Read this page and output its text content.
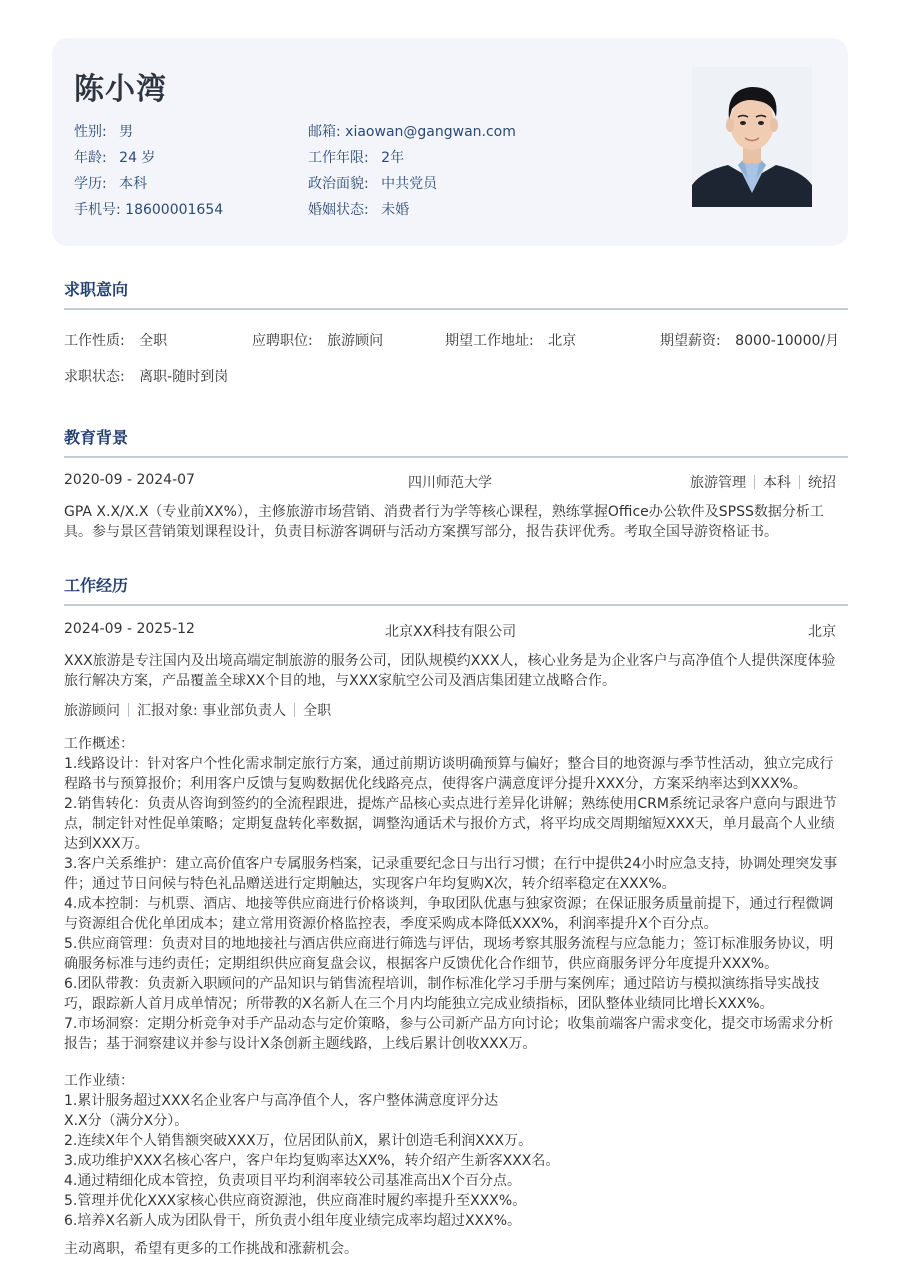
陈小湾
性别: 男
年龄: 24 岁
学历: 本科
手机号: 18600001654
邮箱: xiaowan@gangwan.com
工作年限: 2年
政治面貌: 中共党员
婚姻状态: 未婚
求职意向
工作性质: 全职	应聘职位: 旅游顾问	期望工作地址: 北京	期望薪资: 8000-10000/月
求职状态: 离职-随时到岗
教育背景
2020-09 - 2024-07	四川师范大学	旅游管理 本科 统招
GPA X.X/X.X（专业前XX%），主修旅游市场营销、消费者行为学等核心课程，熟练掌握Office办公软件及SPSS数据分析工具。参与景区营销策划课程设计，负责目标游客调研与活动方案撰写部分，报告获评优秀。考取全国导游资格证书。
工作经历
2024-09 - 2025-12	北京XX科技有限公司	北京
XXX旅游是专注国内及出境高端定制旅游的服务公司，团队规模约XXX人，核心业务是为企业客户与高净值个人提供深度体验旅行解决方案，产品覆盖全球XX个目的地，与XXX家航空公司及酒店集团建立战略合作。
旅游顾问 汇报对象: 事业部负责人 全职
工作概述：
1.线路设计：针对客户个性化需求制定旅行方案，通过前期访谈明确预算与偏好；整合目的地资源与季节性活动，独立完成行程路书与预算报价；利用客户反馈与复购数据优化线路亮点，使得客户满意度评分提升XXX分，方案采纳率达到XXX%。
2.销售转化：负责从咨询到签约的全流程跟进，提炼产品核心卖点进行差异化讲解；熟练使用CRM系统记录客户意向与跟进节点，制定针对性促单策略；定期复盘转化率数据，调整沟通话术与报价方式，将平均成交周期缩短XXX天，单月最高个人业绩达到XXX万。
3.客户关系维护：建立高价值客户专属服务档案，记录重要纪念日与出行习惯；在行中提供24小时应急支持，协调处理突发事件；通过节日问候与特色礼品赠送进行定期触达，实现客户年均复购X次，转介绍率稳定在XXX%。
4.成本控制：与机票、酒店、地接等供应商进行价格谈判，争取团队优惠与独家资源；在保证服务质量前提下，通过行程微调与资源组合优化单团成本；建立常用资源价格监控表，季度采购成本降低XXX%，利润率提升X个百分点。
5.供应商管理：负责对目的地地接社与酒店供应商进行筛选与评估，现场考察其服务流程与应急能力；签订标准服务协议，明确服务标准与违约责任；定期组织供应商复盘会议，根据客户反馈优化合作细节，供应商服务评分年度提升XXX%。
6.团队带教：负责新入职顾问的产品知识与销售流程培训，制作标准化学习手册与案例库；通过陪访与模拟演练指导实战技巧，跟踪新人首月成单情况；所带教的X名新人在三个月内均能独立完成业绩指标，团队整体业绩同比增长XXX%。
7.市场洞察：定期分析竞争对手产品动态与定价策略，参与公司新产品方向讨论；收集前端客户需求变化，提交市场需求分析报告；基于洞察建议并参与设计X条创新主题线路，上线后累计创收XXX万。
工作业绩：
1.累计服务超过XXX名企业客户与高净值个人，客户整体满意度评分达
X.X分（满分X分）。
2.连续X年个人销售额突破XXX万，位居团队前X，累计创造毛利润XXX万。
3.成功维护XXX名核心客户，客户年均复购率达XX%，转介绍产生新客XXX名。
4.通过精细化成本管控，负责项目平均利润率较公司基准高出X个百分点。
5.管理并优化XXX家核心供应商资源池，供应商准时履约率提升至XXX%。
6.培养X名新人成为团队骨干，所负责小组年度业绩完成率均超过XXX%。
主动离职，希望有更多的工作挑战和涨薪机会。
